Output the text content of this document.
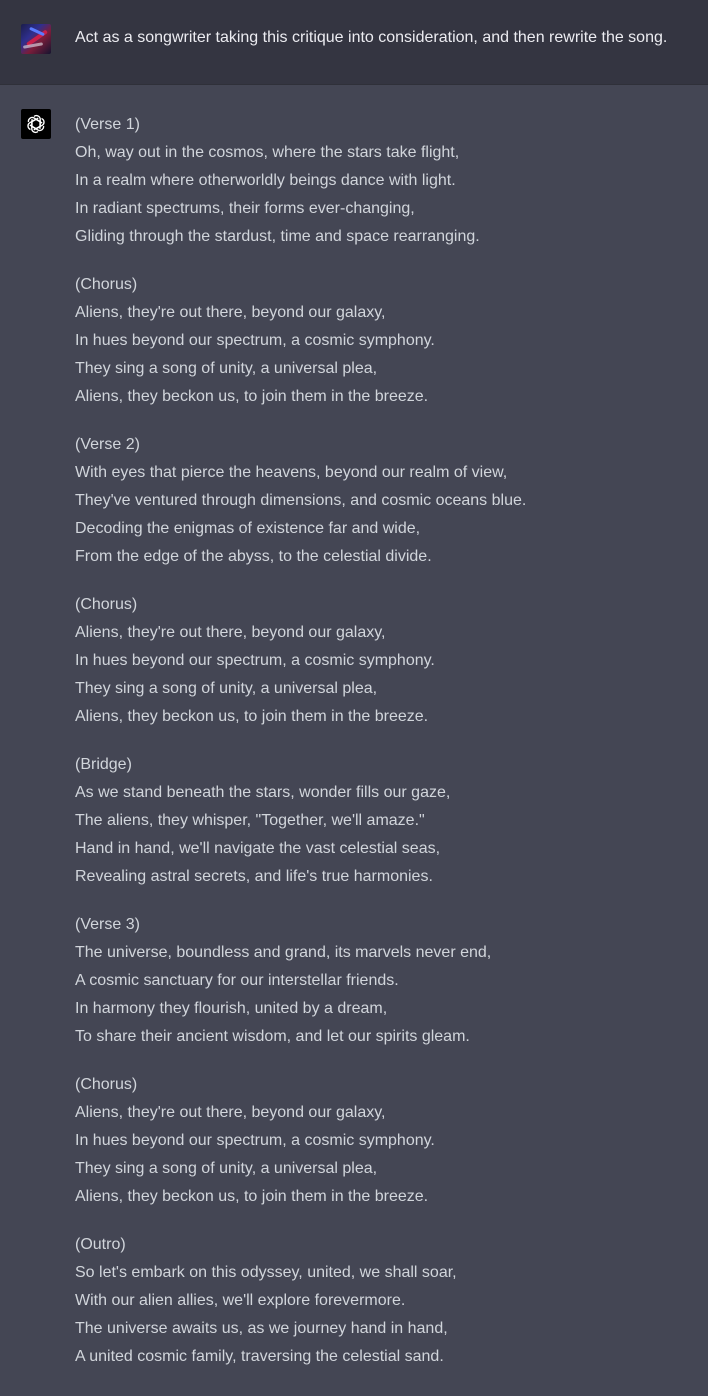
Act as a songwriter taking this critique into consideration, and then rewrite the song.
(Verse 1)
Oh, way out in the cosmos, where the stars take flight,
In a realm where otherworldly beings dance with light.
In radiant spectrums, their forms ever-changing,
Gliding through the stardust, time and space rearranging.
(Chorus)
Aliens, they're out there, beyond our galaxy,
In hues beyond our spectrum, a cosmic symphony.
They sing a song of unity, a universal plea,
Aliens, they beckon us, to join them in the breeze.
(Verse 2)
With eyes that pierce the heavens, beyond our realm of view,
They've ventured through dimensions, and cosmic oceans blue.
Decoding the enigmas of existence far and wide,
From the edge of the abyss, to the celestial divide.
(Chorus)
Aliens, they're out there, beyond our galaxy,
In hues beyond our spectrum, a cosmic symphony.
They sing a song of unity, a universal plea,
Aliens, they beckon us, to join them in the breeze.
(Bridge)
As we stand beneath the stars, wonder fills our gaze,
The aliens, they whisper, "Together, we'll amaze."
Hand in hand, we'll navigate the vast celestial seas,
Revealing astral secrets, and life's true harmonies.
(Verse 3)
The universe, boundless and grand, its marvels never end,
A cosmic sanctuary for our interstellar friends.
In harmony they flourish, united by a dream,
To share their ancient wisdom, and let our spirits gleam.
(Chorus)
Aliens, they're out there, beyond our galaxy,
In hues beyond our spectrum, a cosmic symphony.
They sing a song of unity, a universal plea,
Aliens, they beckon us, to join them in the breeze.
(Outro)
So let's embark on this odyssey, united, we shall soar,
With our alien allies, we'll explore forevermore.
The universe awaits us, as we journey hand in hand,
A united cosmic family, traversing the celestial sand.
